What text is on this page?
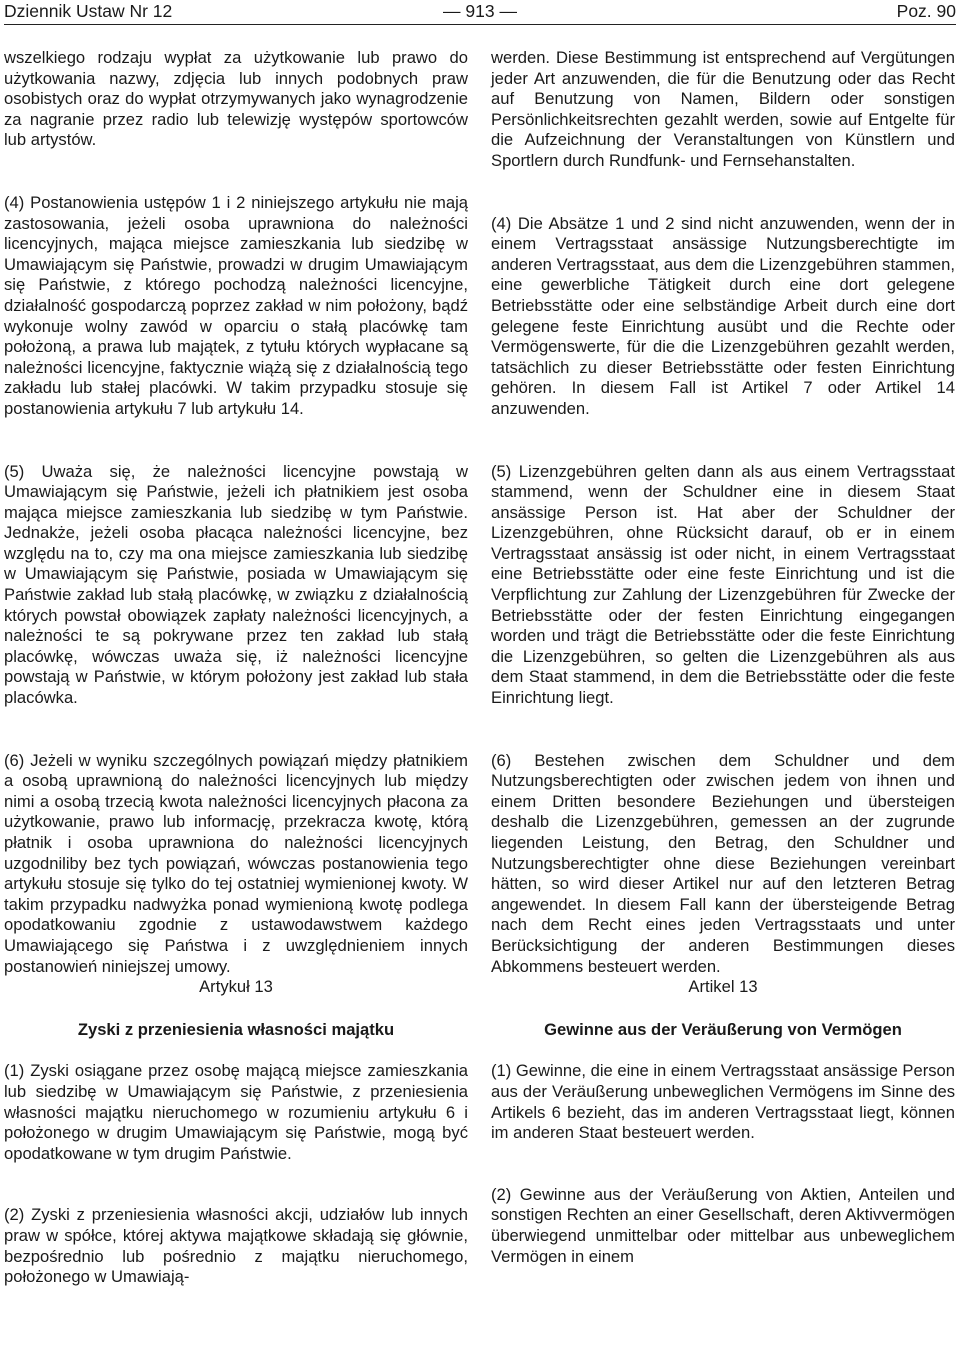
Dziennik Ustaw Nr 12	— 913 —	Poz. 90

wszelkiego rodzaju wypłat za użytkowanie lub prawo do użytkowania nazwy, zdjęcia lub innych podobnych praw osobistych oraz do wypłat otrzymywanych jako wynagrodzenie za nagranie przez radio lub telewizję występów sportowców lub artystów.

(4) Postanowienia ustępów 1 i 2 niniejszego artykułu nie mają zastosowania, jeżeli osoba uprawniona do należności licencyjnych, mająca miejsce zamieszkania lub siedzibę w Umawiającym się Państwie, prowadzi w drugim Umawiającym się Państwie, z którego pochodzą należności licencyjne, działalność gospodarczą poprzez zakład w nim położony, bądź wykonuje wolny zawód w oparciu o stałą placówkę tam położoną, a prawa lub majątek, z tytułu których wypłacane są należności licencyjne, faktycznie wiążą się z działalnością tego zakładu lub stałej placówki. W takim przypadku stosuje się postanowienia artykułu 7 lub artykułu 14.

(5) Uważa się, że należności licencyjne powstają w Umawiającym się Państwie, jeżeli ich płatnikiem jest osoba mająca miejsce zamieszkania lub siedzibę w tym Państwie. Jednakże, jeżeli osoba płacąca należności licencyjne, bez względu na to, czy ma ona miejsce zamieszkania lub siedzibę w Umawiającym się Państwie, posiada w Umawiającym się Państwie zakład lub stałą placówkę, w związku z działalnością których powstał obowiązek zapłaty należności licencyjnych, a należności te są pokrywane przez ten zakład lub stałą placówkę, wówczas uważa się, iż należności licencyjne powstają w Państwie, w którym położony jest zakład lub stała placówka.

(6) Jeżeli w wyniku szczególnych powiązań między płatnikiem a osobą uprawnioną do należności licencyjnych lub między nimi a osobą trzecią kwota należności licencyjnych płacona za użytkowanie, prawo lub informację, przekracza kwotę, którą płatnik i osoba uprawniona do należności licencyjnych uzgodniliby bez tych powiązań, wówczas postanowienia tego artykułu stosuje się tylko do tej ostatniej wymienionej kwoty. W takim przypadku nadwyżka ponad wymienioną kwotę podlega opodatkowaniu zgodnie z ustawodawstwem każdego Umawiającego się Państwa i z uwzględnieniem innych postanowień niniejszej umowy.

Artykuł 13

Zyski z przeniesienia własności majątku

(1) Zyski osiągane przez osobę mającą miejsce zamieszkania lub siedzibę w Umawiającym się Państwie, z przeniesienia własności majątku nieruchomego w rozumieniu artykułu 6 i położonego w drugim Umawiającym się Państwie, mogą być opodatkowane w tym drugim Państwie.

(2) Zyski z przeniesienia własności akcji, udziałów lub innych praw w spółce, której aktywa majątkowe składają się głównie, bezpośrednio lub pośrednio z majątku nieruchomego, położonego w Umawiają-

werden. Diese Bestimmung ist entsprechend auf Vergütungen jeder Art anzuwenden, die für die Benutzung oder das Recht auf Benutzung von Namen, Bildern oder sonstigen Persönlichkeitsrechten gezahlt werden, sowie auf Entgelte für die Aufzeichnung der Veranstaltungen von Künstlern und Sportlern durch Rundfunk- und Fernsehanstalten.

(4) Die Absätze 1 und 2 sind nicht anzuwenden, wenn der in einem Vertragsstaat ansässige Nutzungsberechtigte im anderen Vertragsstaat, aus dem die Lizenzgebühren stammen, eine gewerbliche Tätigkeit durch eine dort gelegene Betriebsstätte oder eine selbständige Arbeit durch eine dort gelegene feste Einrichtung ausübt und die Rechte oder Vermögenswerte, für die die Lizenzgebühren gezahlt werden, tatsächlich zu dieser Betriebsstätte oder festen Einrichtung gehören. In diesem Fall ist Artikel 7 oder Artikel 14 anzuwenden.

(5) Lizenzgebühren gelten dann als aus einem Vertragsstaat stammend, wenn der Schuldner eine in diesem Staat ansässige Person ist. Hat aber der Schuldner der Lizenzgebühren, ohne Rücksicht darauf, ob er in einem Vertragsstaat ansässig ist oder nicht, in einem Vertragsstaat eine Betriebsstätte oder eine feste Einrichtung und ist die Verpflichtung zur Zahlung der Lizenzgebühren für Zwecke der Betriebsstätte oder der festen Einrichtung eingegangen worden und trägt die Betriebsstätte oder die feste Einrichtung die Lizenzgebühren, so gelten die Lizenzgebühren als aus dem Staat stammend, in dem die Betriebsstätte oder die feste Einrichtung liegt.

(6) Bestehen zwischen dem Schuldner und dem Nutzungsberechtigten oder zwischen jedem von ihnen und einem Dritten besondere Beziehungen und übersteigen deshalb die Lizenzgebühren, gemessen an der zugrunde liegenden Leistung, den Betrag, den Schuldner und Nutzungsberechtigter ohne diese Beziehungen vereinbart hätten, so wird dieser Artikel nur auf den letzteren Betrag angewendet. In diesem Fall kann der übersteigende Betrag nach dem Recht eines jeden Vertragsstaats und unter Berücksichtigung der anderen Bestimmungen dieses Abkommens besteuert werden.

Artikel 13

Gewinne aus der Veräußerung von Vermögen

(1) Gewinne, die eine in einem Vertragsstaat ansässige Person aus der Veräußerung unbeweglichen Vermögens im Sinne des Artikels 6 bezieht, das im anderen Vertragsstaat liegt, können im anderen Staat besteuert werden.

(2) Gewinne aus der Veräußerung von Aktien, Anteilen und sonstigen Rechten an einer Gesellschaft, deren Aktivvermögen überwiegend unmittelbar oder mittelbar aus unbeweglichem Vermögen in einem
